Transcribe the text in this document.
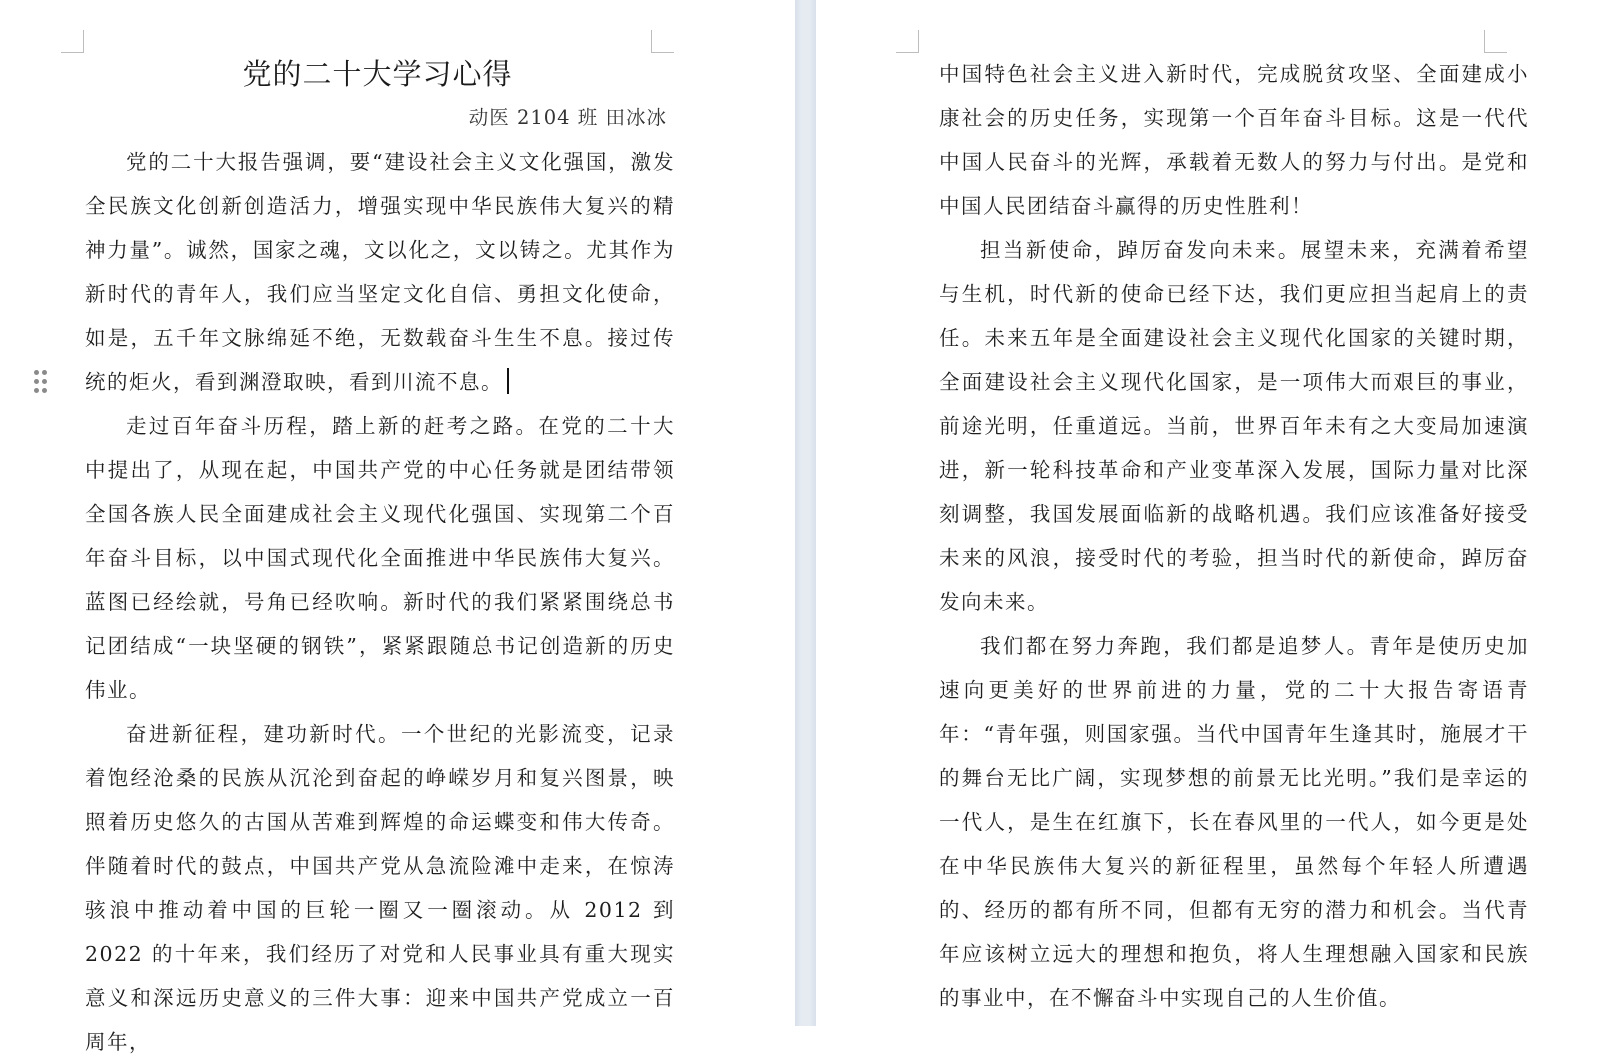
党的二十大学习心得
动医 2104 班 田冰冰

党的二十大报告强调，要“建设社会主义文化强国，激发全民族文化创新创造活力，增强实现中华民族伟大复兴的精神力量”。诚然，国家之魂，文以化之，文以铸之。尤其作为新时代的青年人，我们应当坚定文化自信、勇担文化使命，如是，五千年文脉绵延不绝，无数载奋斗生生不息。接过传统的炬火，看到渊澄取映，看到川流不息。

走过百年奋斗历程，踏上新的赶考之路。在党的二十大中提出了，从现在起，中国共产党的中心任务就是团结带领全国各族人民全面建成社会主义现代化强国、实现第二个百年奋斗目标，以中国式现代化全面推进中华民族伟大复兴。蓝图已经绘就，号角已经吹响。新时代的我们紧紧围绕总书记团结成“一块坚硬的钢铁”，紧紧跟随总书记创造新的历史伟业。

奋进新征程，建功新时代。一个世纪的光影流变，记录着饱经沧桑的民族从沉沦到奋起的峥嵘岁月和复兴图景，映照着历史悠久的古国从苦难到辉煌的命运蝶变和伟大传奇。伴随着时代的鼓点，中国共产党从急流险滩中走来，在惊涛骇浪中推动着中国的巨轮一圈又一圈滚动。从 2012 到 2022 的十年来，我们经历了对党和人民事业具有重大现实意义和深远历史意义的三件大事：迎来中国共产党成立一百周年，

中国特色社会主义进入新时代，完成脱贫攻坚、全面建成小康社会的历史任务，实现第一个百年奋斗目标。这是一代代中国人民奋斗的光辉，承载着无数人的努力与付出。是党和中国人民团结奋斗赢得的历史性胜利！

担当新使命，踔厉奋发向未来。展望未来，充满着希望与生机，时代新的使命已经下达，我们更应担当起肩上的责任。未来五年是全面建设社会主义现代化国家的关键时期，全面建设社会主义现代化国家，是一项伟大而艰巨的事业，前途光明，任重道远。当前，世界百年未有之大变局加速演进，新一轮科技革命和产业变革深入发展，国际力量对比深刻调整，我国发展面临新的战略机遇。我们应该准备好接受未来的风浪，接受时代的考验，担当时代的新使命，踔厉奋发向未来。

我们都在努力奔跑，我们都是追梦人。青年是使历史加速向更美好的世界前进的力量，党的二十大报告寄语青年：“青年强，则国家强。当代中国青年生逢其时，施展才干的舞台无比广阔，实现梦想的前景无比光明。”我们是幸运的一代人，是生在红旗下，长在春风里的一代人，如今更是处在中华民族伟大复兴的新征程里，虽然每个年轻人所遭遇的、经历的都有所不同，但都有无穷的潜力和机会。当代青年应该树立远大的理想和抱负，将人生理想融入国家和民族的事业中，在不懈奋斗中实现自己的人生价值。
